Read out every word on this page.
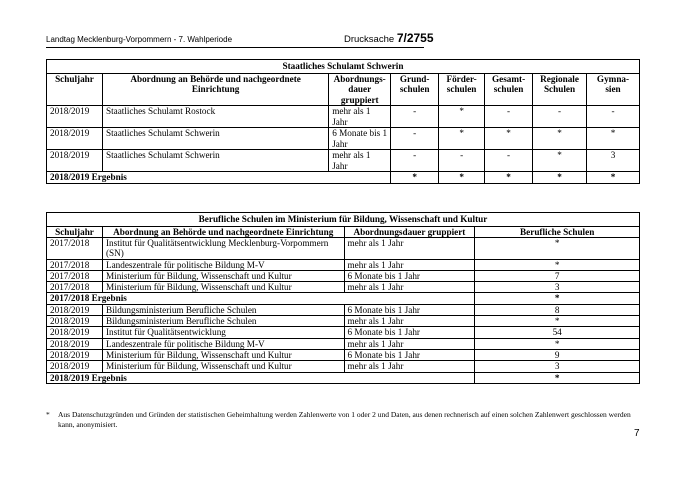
Landtag Mecklenburg-Vorpommern - 7. Wahlperiode	Drucksache 7/2755
Staatliches Schulamt Schwerin							
Schuljahr	Abordnung an Behörde und nachgeordnete Einrichtung	Abordnungs-dauer gruppiert	Grund-schulen	Förder-schulen	Gesamt-schulen	Regionale Schulen	Gymna-sien
2018/2019	Staatliches Schulamt Rostock	mehr als 1 Jahr	-	*	-	-	-
2018/2019	Staatliches Schulamt Schwerin	6 Monate bis 1 Jahr	-	*	*	*	*
2018/2019	Staatliches Schulamt Schwerin	mehr als 1 Jahr	-	-	-	*	3
2018/2019 Ergebnis			*	*	*	*	*
Berufliche Schulen im Ministerium für Bildung, Wissenschaft und Kultur			
Schuljahr	Abordnung an Behörde und nachgeordnete Einrichtung	Abordnungsdauer gruppiert	Berufliche Schulen
2017/2018	Institut für Qualitätsentwicklung Mecklenburg-Vorpommern (SN)	mehr als 1 Jahr	*
2017/2018	Landeszentrale für politische Bildung M-V	mehr als 1 Jahr	*
2017/2018	Ministerium für Bildung, Wissenschaft und Kultur	6 Monate bis 1 Jahr	7
2017/2018	Ministerium für Bildung, Wissenschaft und Kultur	mehr als 1 Jahr	3
2017/2018 Ergebnis			*
2018/2019	Bildungsministerium Berufliche Schulen	6 Monate bis 1 Jahr	8
2018/2019	Bildungsministerium Berufliche Schulen	mehr als 1 Jahr	*
2018/2019	Institut für Qualitätsentwicklung	6 Monate bis 1 Jahr	54
2018/2019	Landeszentrale für politische Bildung M-V	mehr als 1 Jahr	*
2018/2019	Ministerium für Bildung, Wissenschaft und Kultur	6 Monate bis 1 Jahr	9
2018/2019	Ministerium für Bildung, Wissenschaft und Kultur	mehr als 1 Jahr	3
2018/2019 Ergebnis			*
*	Aus Datenschutzgründen und Gründen der statistischen Geheimhaltung werden Zahlenwerte von 1 oder 2 und Daten, aus denen rechnerisch auf einen solchen Zahlenwert geschlossen werden kann, anonymisiert.
7
